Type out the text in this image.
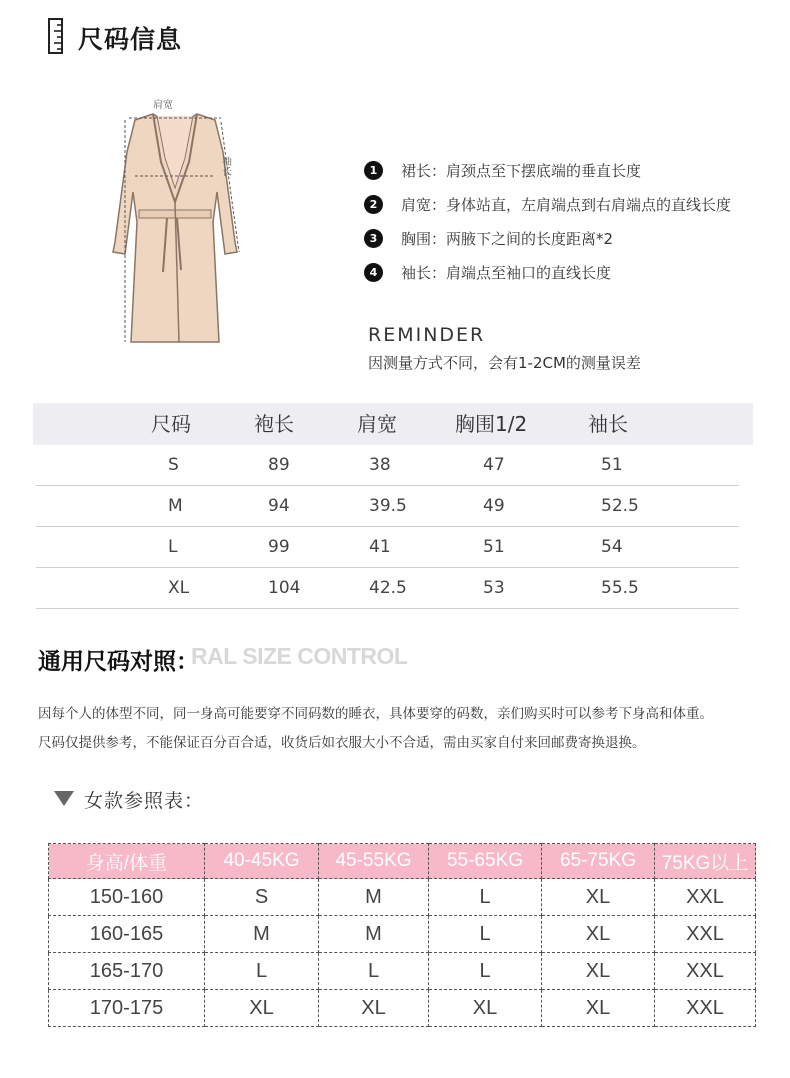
尺码信息
肩宽
袖长	1	裙长：肩颈点至下摆底端的垂直长度
2	肩宽：身体站直，左肩端点到右肩端点的直线长度
3	胸围：两腋下之间的长度距离*2
4	袖长：肩端点至袖口的直线长度
REMINDER
因测量方式不同，会有1-2CM的测量误差
尺码	袍长	肩宽	胸围1/2	袖长
S	89	38	47	51
M	94	39.5	49	52.5
L	99	41	51	54
XL	104	42.5	53	55.5
RAL SIZE CONTROL
通用尺码对照：
因每个人的体型不同，同一身高可能要穿不同码数的睡衣，具体要穿的码数，亲们购买时可以参考下身高和体重。
尺码仅提供参考，不能保证百分百合适，收货后如衣服大小不合适，需由买家自付来回邮费寄换退换。
女款参照表：
身高/体重	40-45KG	45-55KG	55-65KG	65-75KG	75KG以上
150-160	S	M	L	XL	XXL
160-165	M	M	L	XL	XXL
165-170	L	L	L	XL	XXL
170-175	XL	XL	XL	XL	XXL
